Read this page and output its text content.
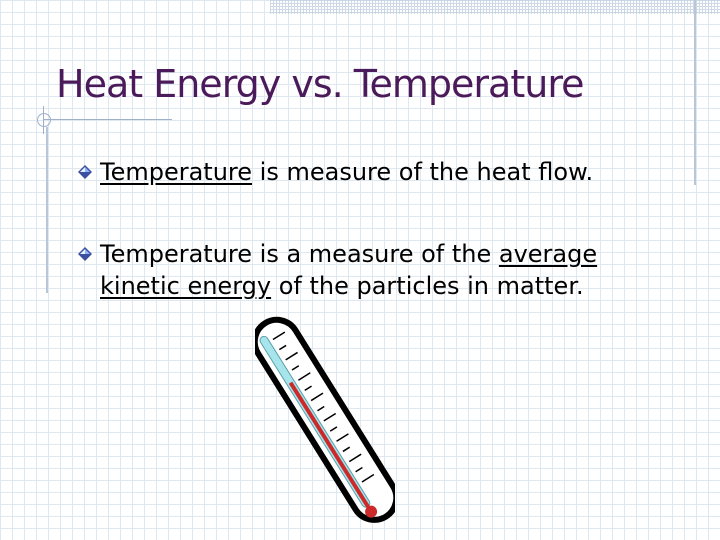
Heat Energy vs. Temperature
Temperature is measure of the heat flow.
Temperature is a measure of the average
kinetic energy of the particles in matter.
